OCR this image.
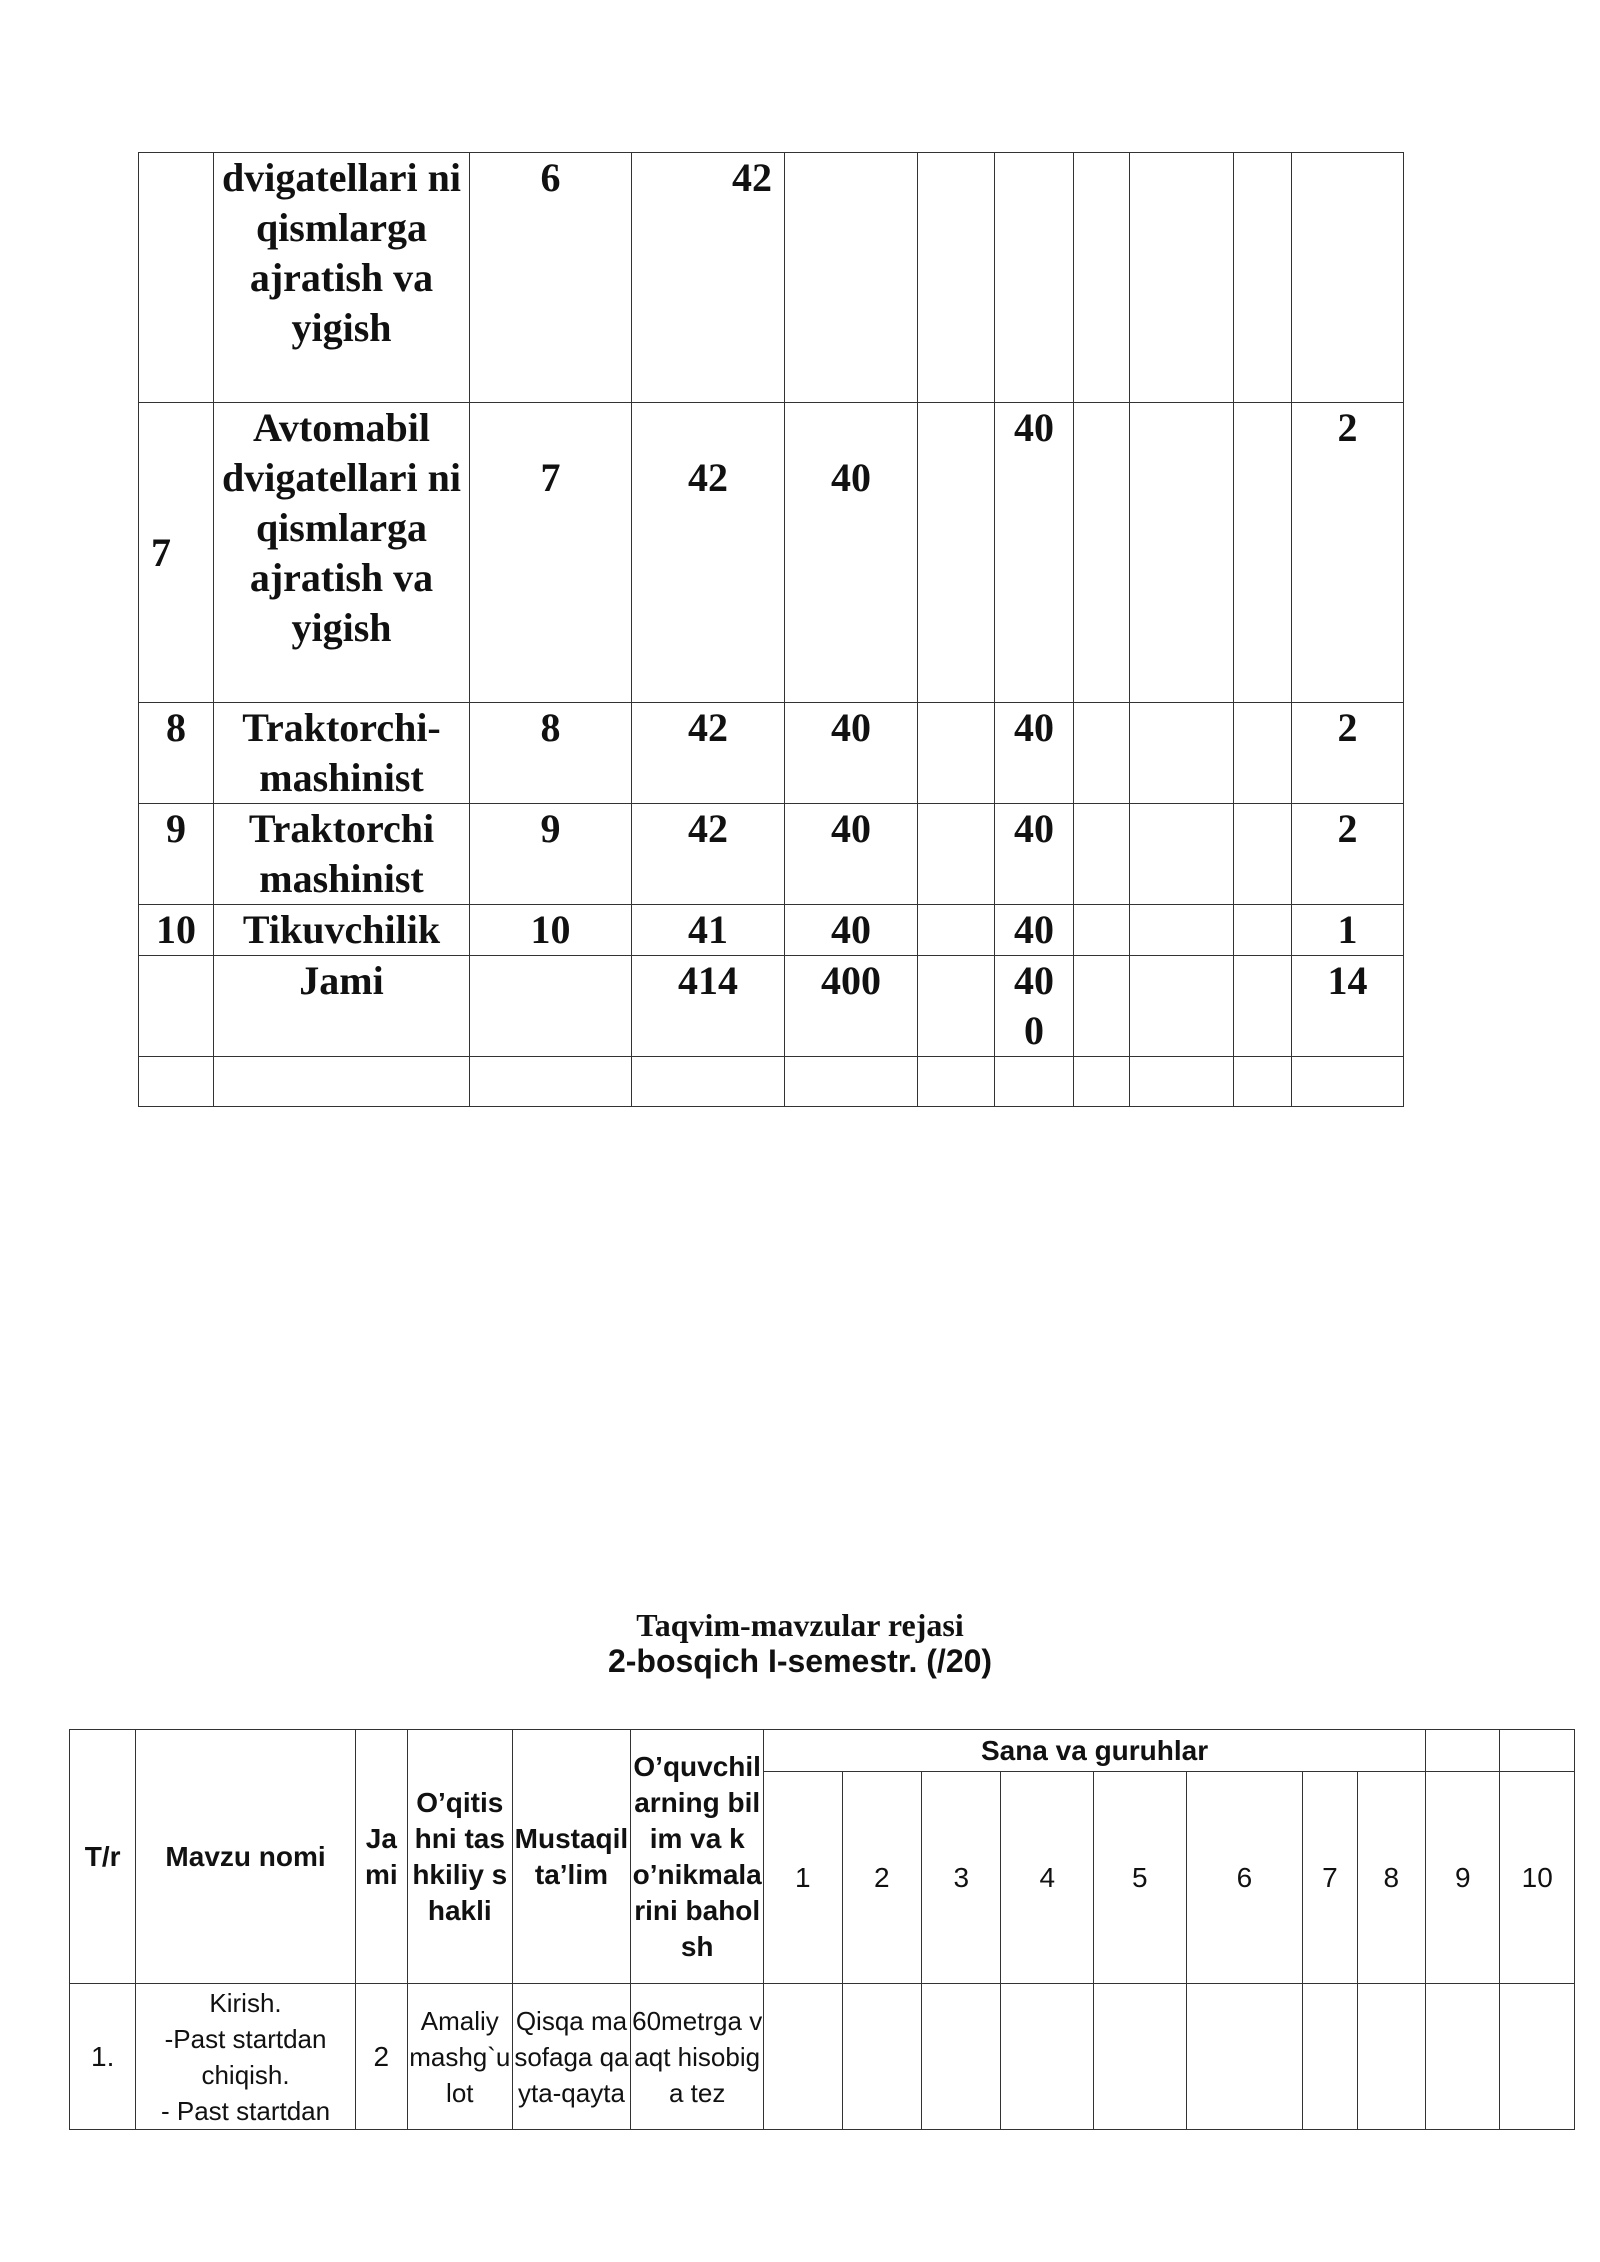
	dvigatellari ni qismlarga ajratish va yigish	6	42							
7	Avtomabil dvigatellari ni qismlarga ajratish va yigish	7	42	40		40				2
8	Traktorchi-mashinist	8	42	40		40				2
9	Traktorchi mashinist	9	42	40		40				2
10	Tikuvchilik	10	41	40		40				1
	Jami		414	400		400				14

Taqvim-mavzular rejasi
2-bosqich I-semestr. (/20)
T/r	Mavzu nomi	Jami	O’qitishni tashkiliy shakli	Mustaqil ta’lim	O’quvchilarning bilim va ko’nikmalarini baholsh	Sana va guruhlar									
						1	2	3	4	5	6	7	8	9	10
1.	Kirish.
-Past startdan chiqish.
- Past startdan	2	Amaliy mashg`ulot	Qisqa masofaga qayta-qayta	60metrga vaqt hisobiga tez										
